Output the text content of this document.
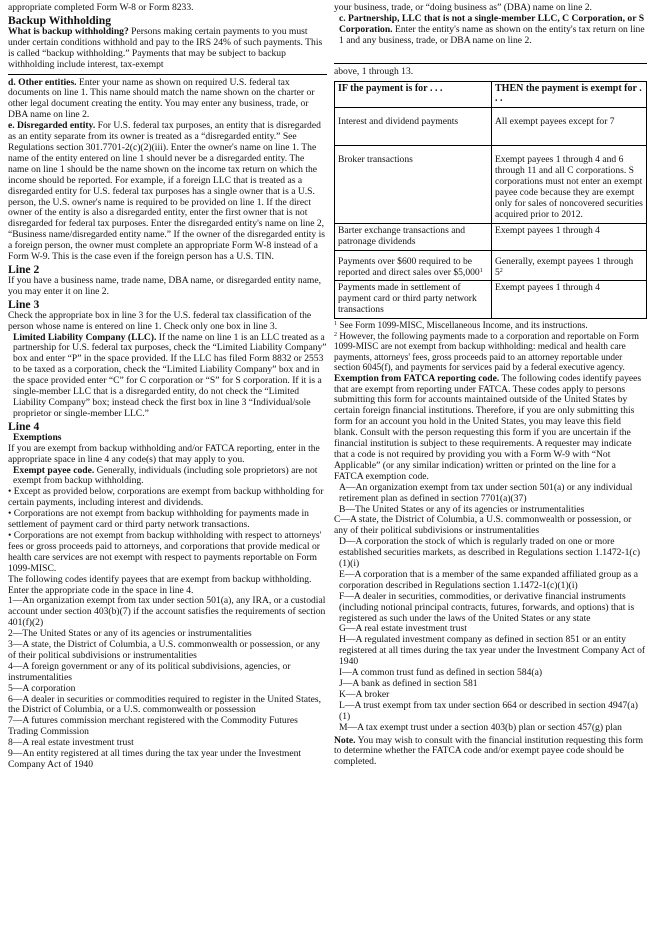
appropriate completed Form W-8 or Form 8233.

Backup Withholding

What is backup withholding? Persons making certain payments to you must under certain conditions withhold and pay to the IRS 24% of such payments. This is called “backup withholding.” Payments that may be subject to backup withholding include interest, tax-exempt

d. Other entities. Enter your name as shown on required U.S. federal tax documents on line 1. This name should match the name shown on the charter or other legal document creating the entity. You may enter any business, trade, or DBA name on line 2.

e. Disregarded entity. For U.S. federal tax purposes, an entity that is disregarded as an entity separate from its owner is treated as a “disregarded entity.” See Regulations section 301.7701-2(c)(2)(iii). Enter the owner's name on line 1. The name of the entity entered on line 1 should never be a disregarded entity. The name on line 1 should be the name shown on the income tax return on which the income should be reported. For example, if a foreign LLC that is treated as a disregarded entity for U.S. federal tax purposes has a single owner that is a U.S. person, the U.S. owner's name is required to be provided on line 1. If the direct owner of the entity is also a disregarded entity, enter the first owner that is not disregarded for federal tax purposes. Enter the disregarded entity's name on line 2, “Business name/disregarded entity name.” If the owner of the disregarded entity is a foreign person, the owner must complete an appropriate Form W-8 instead of a Form W-9. This is the case even if the foreign person has a U.S. TIN.

Line 2

If you have a business name, trade name, DBA name, or disregarded entity name, you may enter it on line 2.

Line 3

Check the appropriate box in line 3 for the U.S. federal tax classification of the person whose name is entered on line 1. Check only one box in line 3.

Limited Liability Company (LLC). If the name on line 1 is an LLC treated as a partnership for U.S. federal tax purposes, check the “Limited Liability Company” box and enter “P” in the space provided. If the LLC has filed Form 8832 or 2553 to be taxed as a corporation, check the “Limited Liability Company” box and in the space provided enter “C” for C corporation or “S” for S corporation. If it is a single-member LLC that is a disregarded entity, do not check the “Limited Liability Company” box; instead check the first box in line 3 “Individual/sole proprietor or single-member LLC.”

Line 4

Exemptions

If you are exempt from backup withholding and/or FATCA reporting, enter in the appropriate space in line 4 any code(s) that may apply to you.

Exempt payee code. Generally, individuals (including sole proprietors) are not exempt from backup withholding.

• Except as provided below, corporations are exempt from backup withholding for certain payments, including interest and dividends.

• Corporations are not exempt from backup withholding for payments made in settlement of payment card or third party network transactions.

• Corporations are not exempt from backup withholding with respect to attorneys' fees or gross proceeds paid to attorneys, and corporations that provide medical or health care services are not exempt with respect to payments reportable on Form 1099-MISC.

The following codes identify payees that are exempt from backup withholding. Enter the appropriate code in the space in line 4.

1—An organization exempt from tax under section 501(a), any IRA, or a custodial account under section 403(b)(7) if the account satisfies the requirements of section 401(f)(2)

2—The United States or any of its agencies or instrumentalities

3—A state, the District of Columbia, a U.S. commonwealth or possession, or any of their political subdivisions or instrumentalities

4—A foreign government or any of its political subdivisions, agencies, or instrumentalities

5—A corporation

6—A dealer in securities or commodities required to register in the United States, the District of Columbia, or a U.S. commonwealth or possession

7—A futures commission merchant registered with the Commodity Futures Trading Commission

8—A real estate investment trust

9—An entity registered at all times during the tax year under the Investment Company Act of 1940

your business, trade, or “doing business as” (DBA) name on line 2.

c. Partnership, LLC that is not a single-member LLC, C Corporation, or S Corporation. Enter the entity's name as shown on the entity's tax return on line 1 and any business, trade, or DBA name on line 2.

above, 1 through 13.

IF the payment is for . . .	THEN the payment is exempt for . . .
Interest and dividend payments	All exempt payees except for 7
Broker transactions	Exempt payees 1 through 4 and 6 through 11 and all C corporations. S corporations must not enter an exempt payee code because they are exempt only for sales of noncovered securities acquired prior to 2012.
Barter exchange transactions and patronage dividends	Exempt payees 1 through 4
Payments over $600 required to be reported and direct sales over $5,000$^1$	Generally, exempt payees 1 through $5^2$
Payments made in settlement of payment card or third party network transactions	Exempt payees 1 through 4

$^1$ See Form 1099-MISC, Miscellaneous Income, and its instructions.

$^2$ However, the following payments made to a corporation and reportable on Form 1099-MISC are not exempt from backup withholding: medical and health care payments, attorneys' fees, gross proceeds paid to an attorney reportable under section 6045(f), and payments for services paid by a federal executive agency.

Exemption from FATCA reporting code. The following codes identify payees that are exempt from reporting under FATCA. These codes apply to persons submitting this form for accounts maintained outside of the United States by certain foreign financial institutions. Therefore, if you are only submitting this form for an account you hold in the United States, you may leave this field blank. Consult with the person requesting this form if you are uncertain if the financial institution is subject to these requirements. A requester may indicate that a code is not required by providing you with a Form W-9 with “Not Applicable” (or any similar indication) written or printed on the line for a FATCA exemption code.

A—An organization exempt from tax under section 501(a) or any individual retirement plan as defined in section 7701(a)(37)

B—The United States or any of its agencies or instrumentalities

C—A state, the District of Columbia, a U.S. commonwealth or possession, or any of their political subdivisions or instrumentalities

D—A corporation the stock of which is regularly traded on one or more established securities markets, as described in Regulations section 1.1472-1(c)(1)(i)

E—A corporation that is a member of the same expanded affiliated group as a corporation described in Regulations section 1.1472-1(c)(1)(i)

F—A dealer in securities, commodities, or derivative financial instruments (including notional principal contracts, futures, forwards, and options) that is registered as such under the laws of the United States or any state

G—A real estate investment trust

H—A regulated investment company as defined in section 851 or an entity registered at all times during the tax year under the Investment Company Act of 1940

I—A common trust fund as defined in section 584(a)

J—A bank as defined in section 581

K—A broker

L—A trust exempt from tax under section 664 or described in section 4947(a)(1)

M—A tax exempt trust under a section 403(b) plan or section 457(g) plan

Note. You may wish to consult with the financial institution requesting this form to determine whether the FATCA code and/or exempt payee code should be completed.
